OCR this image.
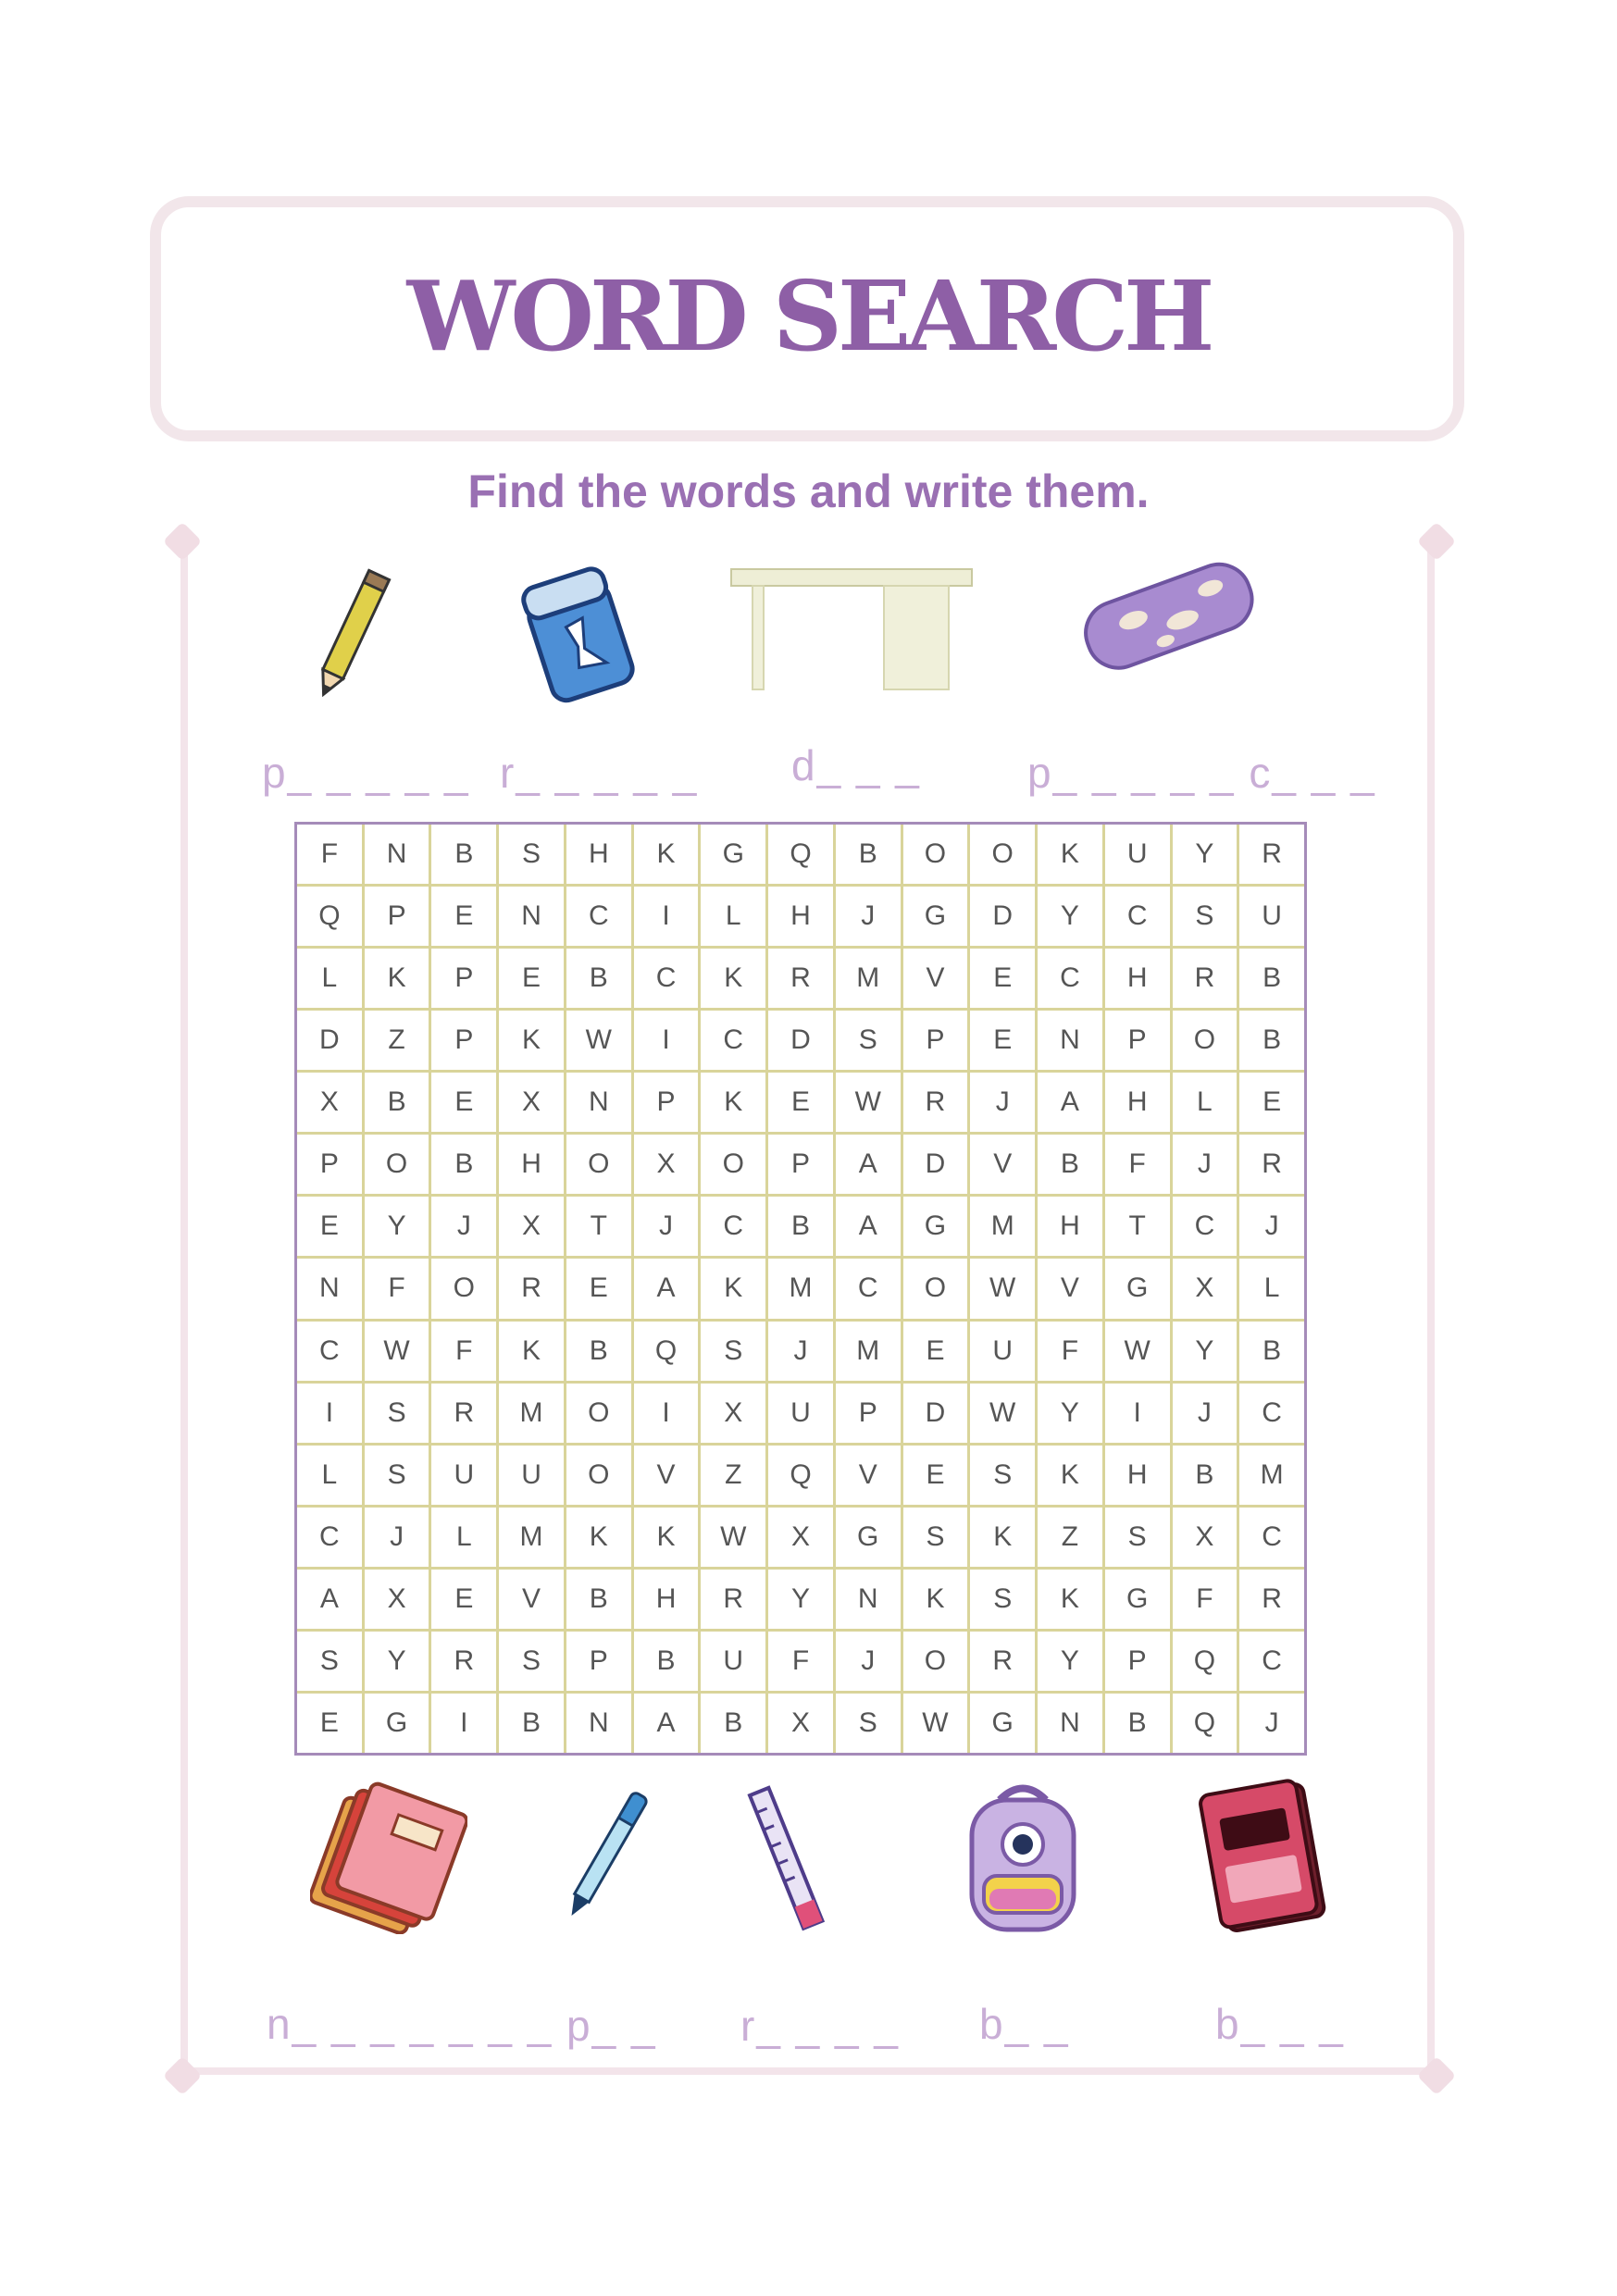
WORD SEARCH
Find the words and write them.
p_ _ _ _ _ r_ _ _ _ _ d_ _ _	p_ _ _ _ _ c_ _ _
F	N	B	S	H	K	G	Q	B	O	O	K	U	Y	R
Q	P	E	N	C	I	L	H	J	G	D	Y	C	S	U
L	K	P	E	B	C	K	R	M	V	E	C	H	R	B
D	Z	P	K	W	I	C	D	S	P	E	N	P	O	B
X	B	E	X	N	P	K	E	W	R	J	A	H	L	E
P	O	B	H	O	X	O	P	A	D	V	B	F	J	R
E	Y	J	X	T	J	C	B	A	G	M	H	T	C	J
N	F	O	R	E	A	K	M	C	O	W	V	G	X	L
C	W	F	K	B	Q	S	J	M	E	U	F	W	Y	B
I	S	R	M	O	I	X	U	P	D	W	Y	I	J	C
L	S	U	U	O	V	Z	Q	V	E	S	K	H	B	M
C	J	L	M	K	K	W	X	G	S	K	Z	S	X	C
A	X	E	V	B	H	R	Y	N	K	S	K	G	F	R
S	Y	R	S	P	B	U	F	J	O	R	Y	P	Q	C
E	G	I	B	N	A	B	X	S	W	G	N	B	Q	J
n_ _ _ _ _ _ _ p_ _ r_ _ _ _ b_ _	b_ _ _
